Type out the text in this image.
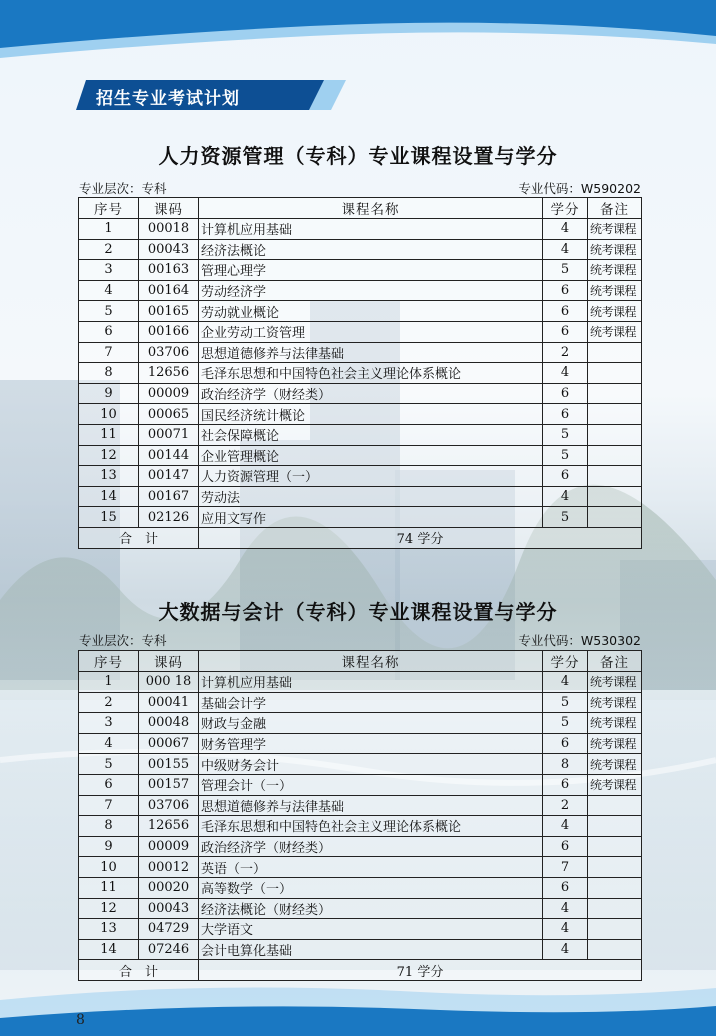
招生专业考试计划
人力资源管理（专科）专业课程设置与学分
专业层次：专科	专业代码：W590202
序号	课码	课程名称	学分	备注
1	00018	计算机应用基础	4	统考课程
2	00043	经济法概论	4	统考课程
3	00163	管理心理学	5	统考课程
4	00164	劳动经济学	6	统考课程
5	00165	劳动就业概论	6	统考课程
6	00166	企业劳动工资管理	6	统考课程
7	03706	思想道德修养与法律基础	2	
8	12656	毛泽东思想和中国特色社会主义理论体系概论	4	
9	00009	政治经济学（财经类）	6	
10	00065	国民经济统计概论	6	
11	00071	社会保障概论	5	
12	00144	企业管理概论	5	
13	00147	人力资源管理（一）	6	
14	00167	劳动法	4	
15	02126	应用文写作	5	
合　计		74 学分		
大数据与会计（专科）专业课程设置与学分
专业层次：专科	专业代码：W530302
序号	课码	课程名称	学分	备注
1	000 18	计算机应用基础	4	统考课程
2	00041	基础会计学	5	统考课程
3	00048	财政与金融	5	统考课程
4	00067	财务管理学	6	统考课程
5	00155	中级财务会计	8	统考课程
6	00157	管理会计（一）	6	统考课程
7	03706	思想道德修养与法律基础	2	
8	12656	毛泽东思想和中国特色社会主义理论体系概论	4	
9	00009	政治经济学（财经类）	6	
10	00012	英语（一）	7	
11	00020	高等数学（一）	6	
12	00043	经济法概论（财经类）	4	
13	04729	大学语文	4	
14	07246	会计电算化基础	4	
合　计		71 学分		
8
